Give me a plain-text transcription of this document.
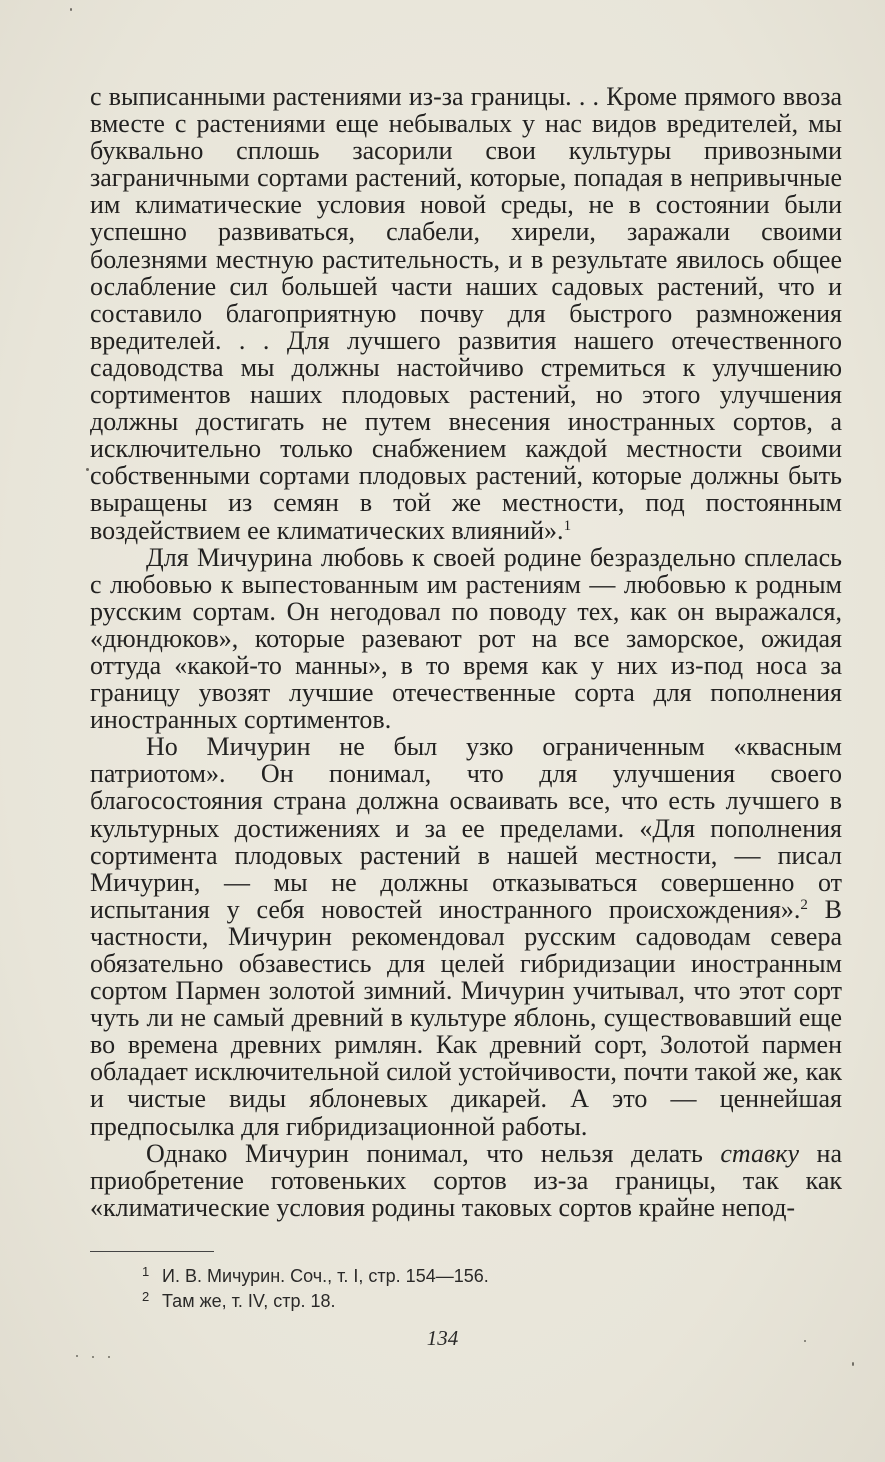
с выписанными растениями из-за границы. . . Кроме прямого ввоза вместе с растениями еще небывалых у нас видов вредителей, мы буквально сплошь засорили свои культуры привозными заграничными сортами растений, которые, попадая в непривычные им климатические условия новой среды, не в состоянии были успешно развиваться, слабели, хирели, заражали своими болезнями местную растительность, и в результате явилось общее ослабление сил большей части наших садовых растений, что и составило благоприятную почву для быстрого размножения вредителей. . . Для лучшего развития нашего отечественного садоводства мы должны настойчиво стремиться к улучшению сортиментов наших плодовых растений, но этого улучшения должны достигать не путем внесения иностранных сортов, а исключительно только снабжением каждой местности своими собственными сортами плодовых растений, которые должны быть выращены из семян в той же местности, под постоянным воздействием ее климатических влияний».$^1$

Для Мичурина любовь к своей родине безраздельно сплелась с любовью к выпестованным им растениям — любовью к родным русским сортам. Он негодовал по поводу тех, как он выражался, «дюндюков», которые разевают рот на все заморское, ожидая оттуда «какой-то манны», в то время как у них из-под носа за границу увозят лучшие отечественные сорта для пополнения иностранных сортиментов.

Но Мичурин не был узко ограниченным «квасным патриотом». Он понимал, что для улучшения своего благосостояния страна должна осваивать все, что есть лучшего в культурных достижениях и за ее пределами. «Для пополнения сортимента плодовых растений в нашей местности, — писал Мичурин, — мы не должны отказываться совершенно от испытания у себя новостей иностранного происхождения».$^2$ В частности, Мичурин рекомендовал русским садоводам севера обязательно обзавестись для целей гибридизации иностранным сортом Пармен золотой зимний. Мичурин учитывал, что этот сорт чуть ли не самый древний в культуре яблонь, существовавший еще во времена древних римлян. Как древний сорт, Золотой пармен обладает исключительной силой устойчивости, почти такой же, как и чистые виды яблоневых дикарей. А это — ценнейшая предпосылка для гибридизационной работы.

Однако Мичурин понимал, что нельзя делать ставку на приобретение готовеньких сортов из-за границы, так как «климатические условия родины таковых сортов крайне непод-

1 И. В. Мичурин. Соч., т. I, стр. 154—156.
2 Там же, т. IV, стр. 18.
134
